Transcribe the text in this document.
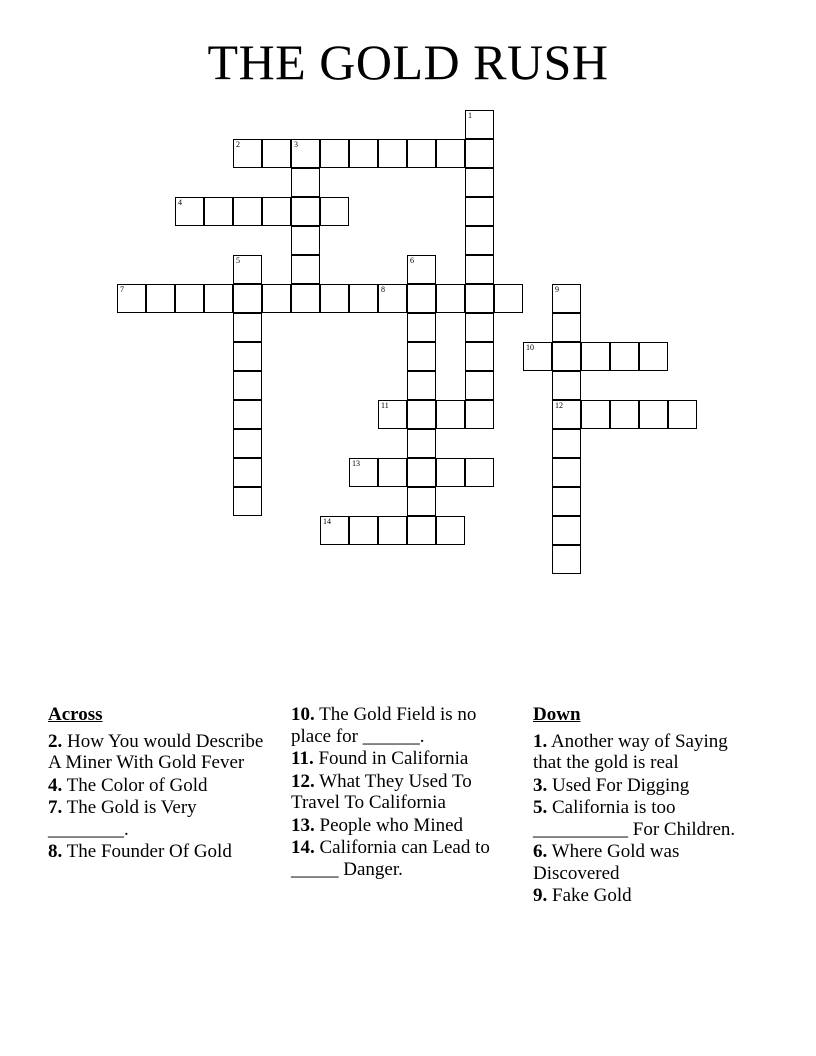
THE GOLD RUSH
1
2	3
4
5	6
7	8	9
12
10
11
13
14
Across
2. How You would Describe A Miner With Gold Fever
4. The Color of Gold
7. The Gold is Very ________.
8. The Founder Of Gold
10. The Gold Field is no place for ______.
11. Found in California
12. What They Used To Travel To California
13. People who Mined
14. California can Lead to _____ Danger.
Down
1. Another way of Saying that the gold is real
3. Used For Digging
5. California is too __________ For Children.
6. Where Gold was Discovered
9. Fake Gold
